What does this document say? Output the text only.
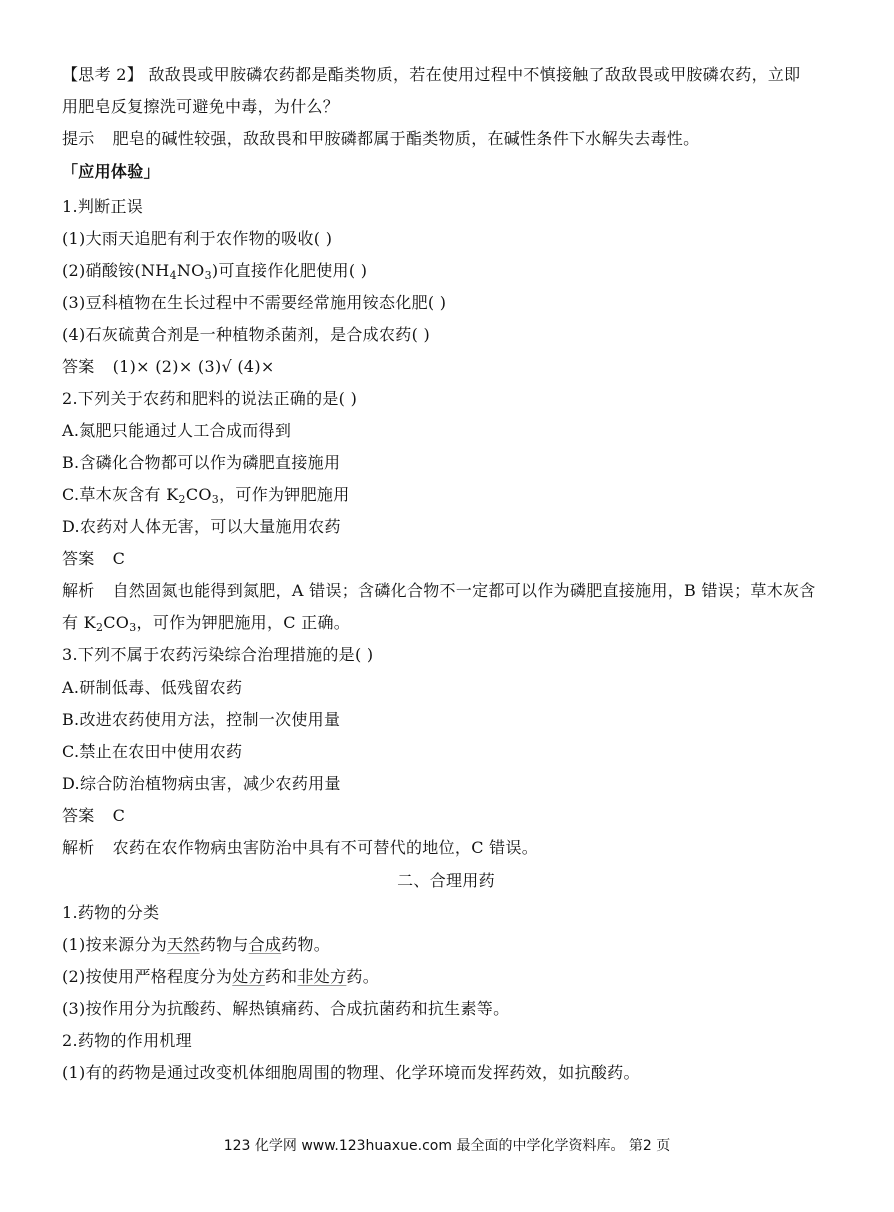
【思考 2】 敌敌畏或甲胺磷农药都是酯类物质，若在使用过程中不慎接触了敌敌畏或甲胺磷农药，立即
用肥皂反复擦洗可避免中毒，为什么？
提示 肥皂的碱性较强，敌敌畏和甲胺磷都属于酯类物质，在碱性条件下水解失去毒性。
「应用体验」
1.判断正误
(1)大雨天追肥有利于农作物的吸收( )
(2)硝酸铵$(NH_4NO_3)$可直接作化肥使用( )
(3)豆科植物在生长过程中不需要经常施用铵态化肥( )
(4)石灰硫黄合剂是一种植物杀菌剂，是合成农药( )
答案 (1)× (2)× (3)√ (4)×
2.下列关于农药和肥料的说法正确的是( )
A.氮肥只能通过人工合成而得到
B.含磷化合物都可以作为磷肥直接施用
C.草木灰含有 $K_2CO_3$，可作为钾肥施用
D.农药对人体无害，可以大量施用农药
答案 C
解析 自然固氮也能得到氮肥，A 错误；含磷化合物不一定都可以作为磷肥直接施用，B 错误；草木灰含
有 $K_2CO_3$，可作为钾肥施用，C 正确。
3.下列不属于农药污染综合治理措施的是( )
A.研制低毒、低残留农药
B.改进农药使用方法，控制一次使用量
C.禁止在农田中使用农药
D.综合防治植物病虫害，减少农药用量
答案 C
解析 农药在农作物病虫害防治中具有不可替代的地位，C 错误。
二、合理用药
1.药物的分类
(1)按来源分为天然药物与合成药物。
(2)按使用严格程度分为处方药和非处方药。
(3)按作用分为抗酸药、解热镇痛药、合成抗菌药和抗生素等。
2.药物的作用机理
(1)有的药物是通过改变机体细胞周围的物理、化学环境而发挥药效，如抗酸药。
123 化学网 www.123huaxue.com 最全面的中学化学资料库。 第2 页
